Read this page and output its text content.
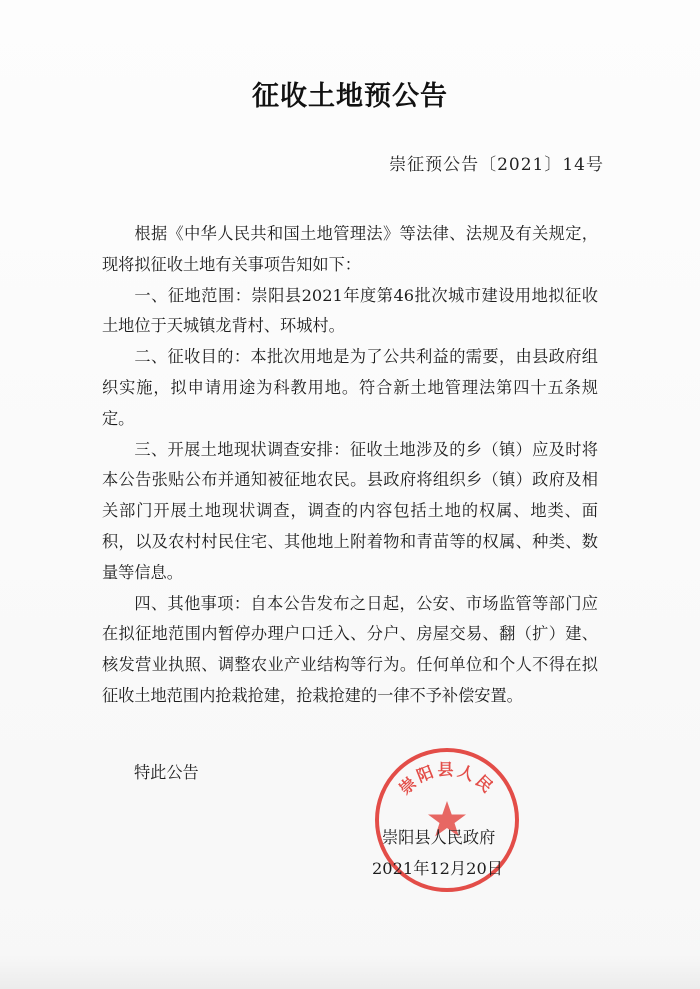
征收土地预公告
崇征预公告〔2021〕14号

根据《中华人民共和国土地管理法》等法律、法规及有关规定，现将拟征收土地有关事项告知如下：

一、征地范围：崇阳县2021年度第46批次城市建设用地拟征收土地位于天城镇龙背村、环城村。

二、征收目的：本批次用地是为了公共利益的需要，由县政府组织实施，拟申请用途为科教用地。符合新土地管理法第四十五条规定。

三、开展土地现状调查安排：征收土地涉及的乡（镇）应及时将本公告张贴公布并通知被征地农民。县政府将组织乡（镇）政府及相关部门开展土地现状调查，调查的内容包括土地的权属、地类、面积，以及农村村民住宅、其他地上附着物和青苗等的权属、种类、数量等信息。

四、其他事项：自本公告发布之日起，公安、市场监管等部门应在拟征地范围内暂停办理户口迁入、分户、房屋交易、翻（扩）建、核发营业执照、调整农业产业结构等行为。任何单位和个人不得在拟征收土地范围内抢栽抢建，抢栽抢建的一律不予补偿安置。

特此公告	崇阳县人民
崇阳县人民政府
2021年12月20日
